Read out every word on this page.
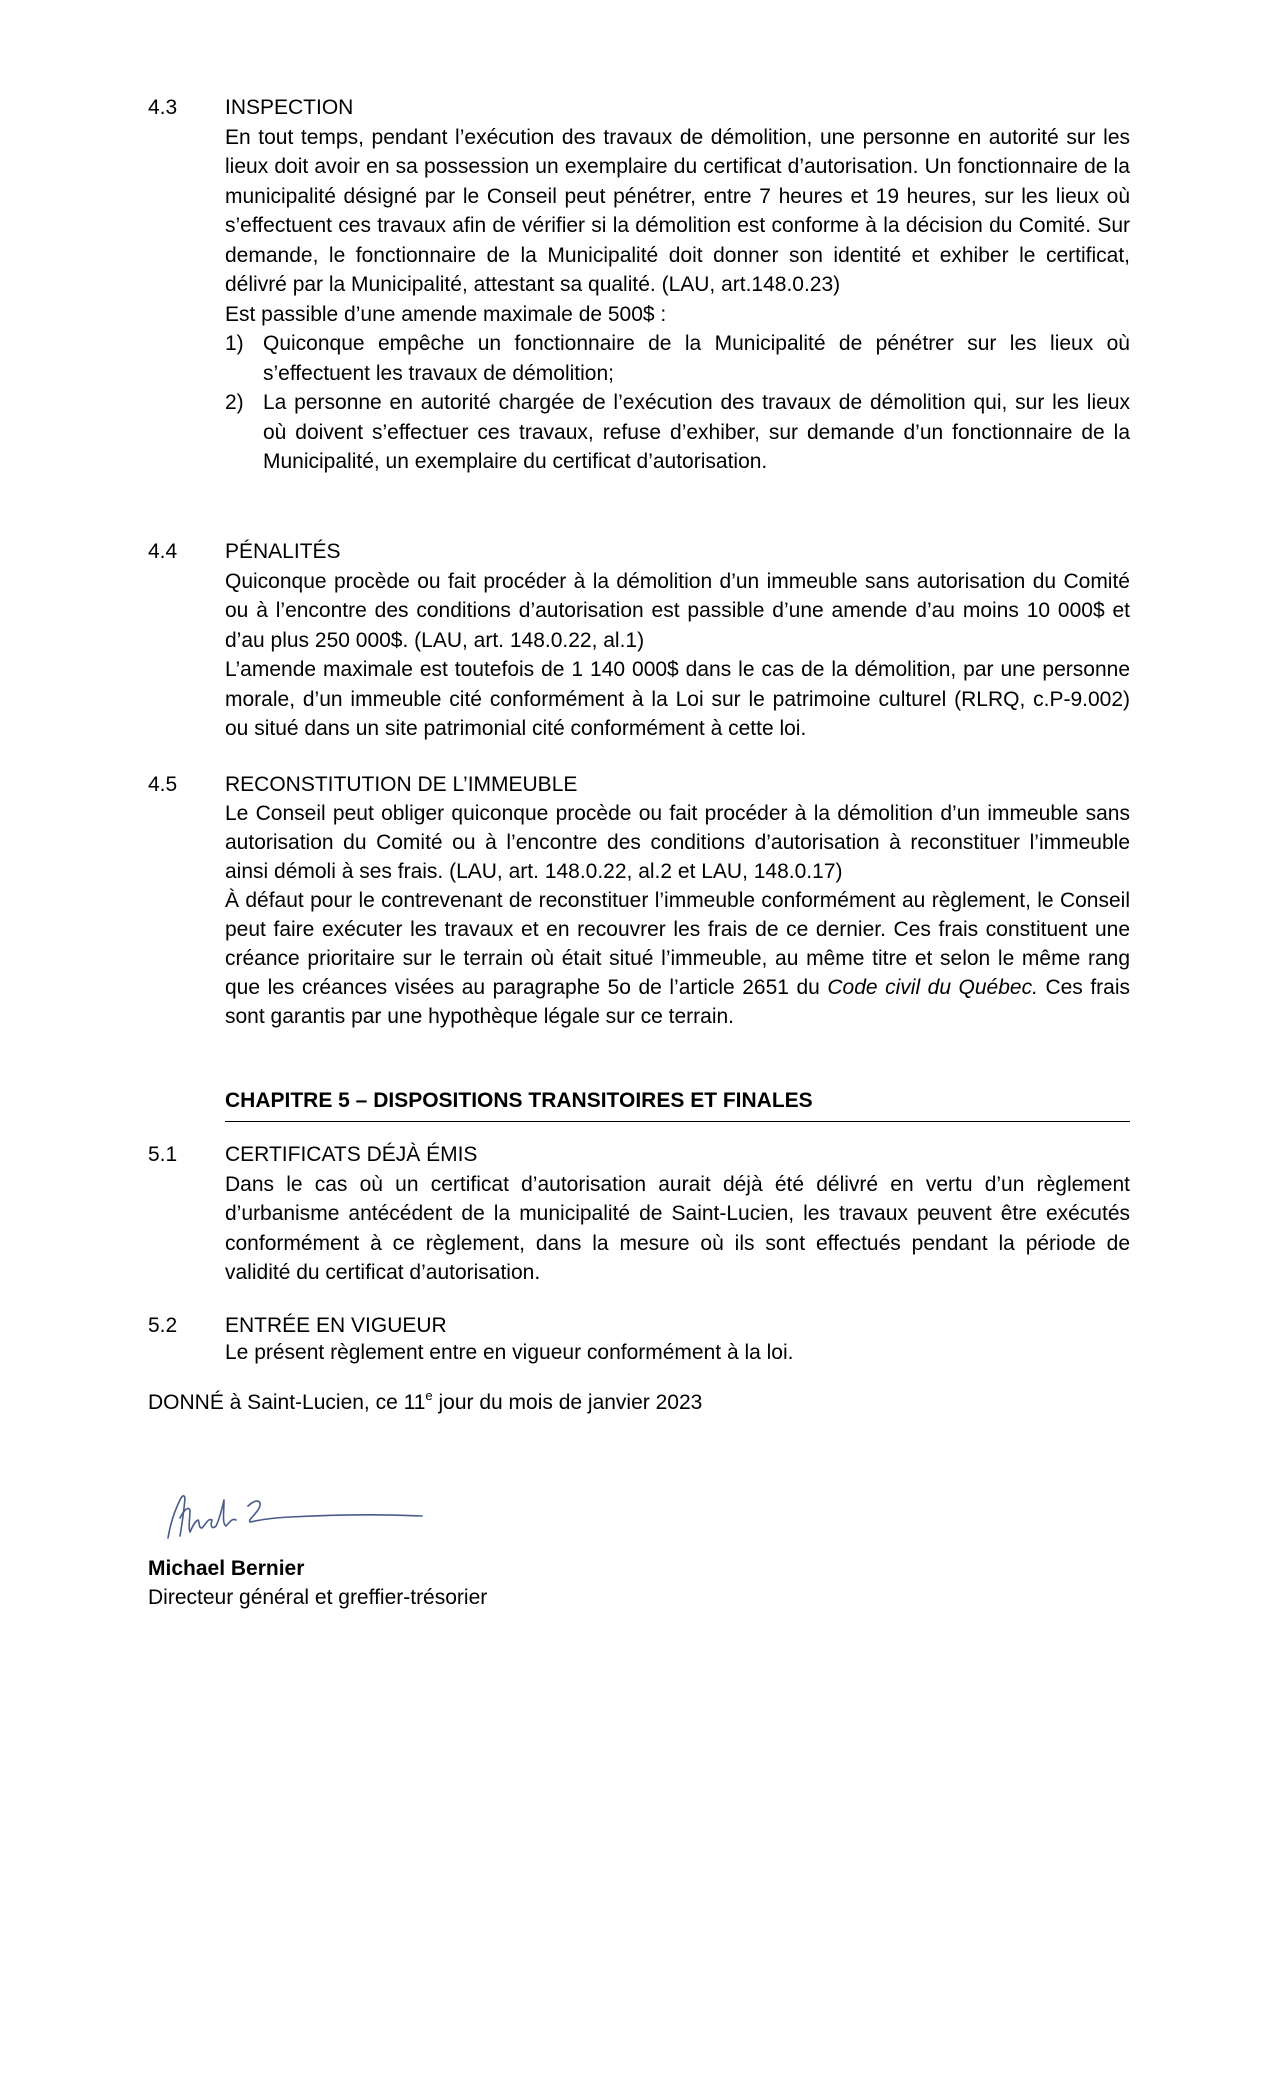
4.3 INSPECTION

En tout temps, pendant l’exécution des travaux de démolition, une personne en autorité sur les lieux doit avoir en sa possession un exemplaire du certificat d’autorisation. Un fonctionnaire de la municipalité désigné par le Conseil peut pénétrer, entre 7 heures et 19 heures, sur les lieux où s’effectuent ces travaux afin de vérifier si la démolition est conforme à la décision du Comité. Sur demande, le fonctionnaire de la Municipalité doit donner son identité et exhiber le certificat, délivré par la Municipalité, attestant sa qualité. (LAU, art.148.0.23)

Est passible d’une amende maximale de 500$ :

1) Quiconque empêche un fonctionnaire de la Municipalité de pénétrer sur les lieux où s’effectuent les travaux de démolition;
2) La personne en autorité chargée de l’exécution des travaux de démolition qui, sur les lieux où doivent s’effectuer ces travaux, refuse d’exhiber, sur demande d’un fonctionnaire de la Municipalité, un exemplaire du certificat d’autorisation.
4.4 PÉNALITÉS

Quiconque procède ou fait procéder à la démolition d’un immeuble sans autorisation du Comité ou à l’encontre des conditions d’autorisation est passible d’une amende d’au moins 10 000$ et d’au plus 250 000$. (LAU, art. 148.0.22, al.1)

L’amende maximale est toutefois de 1 140 000$ dans le cas de la démolition, par une personne morale, d’un immeuble cité conformément à la Loi sur le patrimoine culturel (RLRQ, c.P-9.002) ou situé dans un site patrimonial cité conformément à cette loi.

4.5 RECONSTITUTION DE L’IMMEUBLE

Le Conseil peut obliger quiconque procède ou fait procéder à la démolition d’un immeuble sans autorisation du Comité ou à l’encontre des conditions d’autorisation à reconstituer l’immeuble ainsi démoli à ses frais. (LAU, art. 148.0.22, al.2 et LAU, 148.0.17)

À défaut pour le contrevenant de reconstituer l’immeuble conformément au règlement, le Conseil peut faire exécuter les travaux et en recouvrer les frais de ce dernier. Ces frais constituent une créance prioritaire sur le terrain où était situé l’immeuble, au même titre et selon le même rang que les créances visées au paragraphe 5o de l’article 2651 du Code civil du Québec. Ces frais sont garantis par une hypothèque légale sur ce terrain.

CHAPITRE 5 – DISPOSITIONS TRANSITOIRES ET FINALES
5.1 CERTIFICATS DÉJÀ ÉMIS

Dans le cas où un certificat d’autorisation aurait déjà été délivré en vertu d’un règlement d’urbanisme antécédent de la municipalité de Saint-Lucien, les travaux peuvent être exécutés conformément à ce règlement, dans la mesure où ils sont effectués pendant la période de validité du certificat d’autorisation.

5.2 ENTRÉE EN VIGUEUR

Le présent règlement entre en vigueur conformément à la loi.

DONNÉ à Saint-Lucien, ce 11e jour du mois de janvier 2023
Michael Bernier
Directeur général et greffier-trésorier
